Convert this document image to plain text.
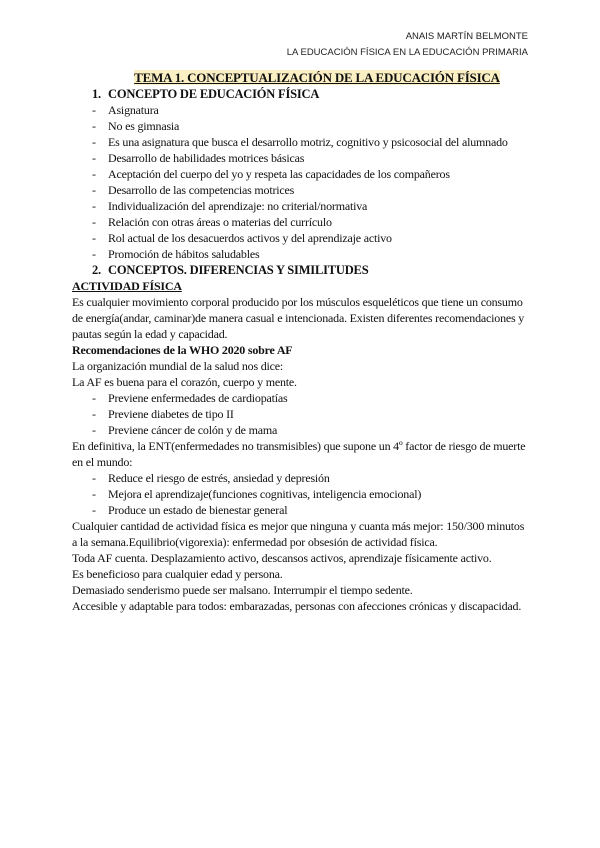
ANAIS MARTÍN BELMONTE
LA EDUCACIÓN FÍSICA EN LA EDUCACIÓN PRIMARIA
TEMA 1. CONCEPTUALIZACIÓN DE LA EDUCACIÓN FÍSICA
1. CONCEPTO DE EDUCACIÓN FÍSICA
- Asignatura
- No es gimnasia
- Es una asignatura que busca el desarrollo motriz, cognitivo y psicosocial del alumnado
- Desarrollo de habilidades motrices básicas
- Aceptación del cuerpo del yo y respeta las capacidades de los compañeros
- Desarrollo de las competencias motrices
- Individualización del aprendizaje: no criterial/normativa
- Relación con otras áreas o materias del currículo
- Rol actual de los desacuerdos activos y del aprendizaje activo
- Promoción de hábitos saludables
2. CONCEPTOS. DIFERENCIAS Y SIMILITUDES
ACTIVIDAD FÍSICA
Es cualquier movimiento corporal producido por los músculos esqueléticos que tiene un consumo de energía(andar, caminar)de manera casual e intencionada. Existen diferentes recomendaciones y pautas según la edad y capacidad.
Recomendaciones de la WHO 2020 sobre AF
La organización mundial de la salud nos dice:
La AF es buena para el corazón, cuerpo y mente.
- Previene enfermedades de cardiopatías
- Previene diabetes de tipo II
- Previene cáncer de colón y de mama
En definitiva, la ENT(enfermedades no transmisibles) que supone un 4º factor de riesgo de muerte en el mundo:
- Reduce el riesgo de estrés, ansiedad y depresión
- Mejora el aprendizaje(funciones cognitivas, inteligencia emocional)
- Produce un estado de bienestar general
Cualquier cantidad de actividad física es mejor que ninguna y cuanta más mejor: 150/300 minutos a la semana.Equilibrio(vigorexia): enfermedad por obsesión de actividad física.
Toda AF cuenta. Desplazamiento activo, descansos activos, aprendizaje físicamente activo.
Es beneficioso para cualquier edad y persona.
Demasiado senderismo puede ser malsano. Interrumpir el tiempo sedente.
Accesible y adaptable para todos: embarazadas, personas con afecciones crónicas y discapacidad.
